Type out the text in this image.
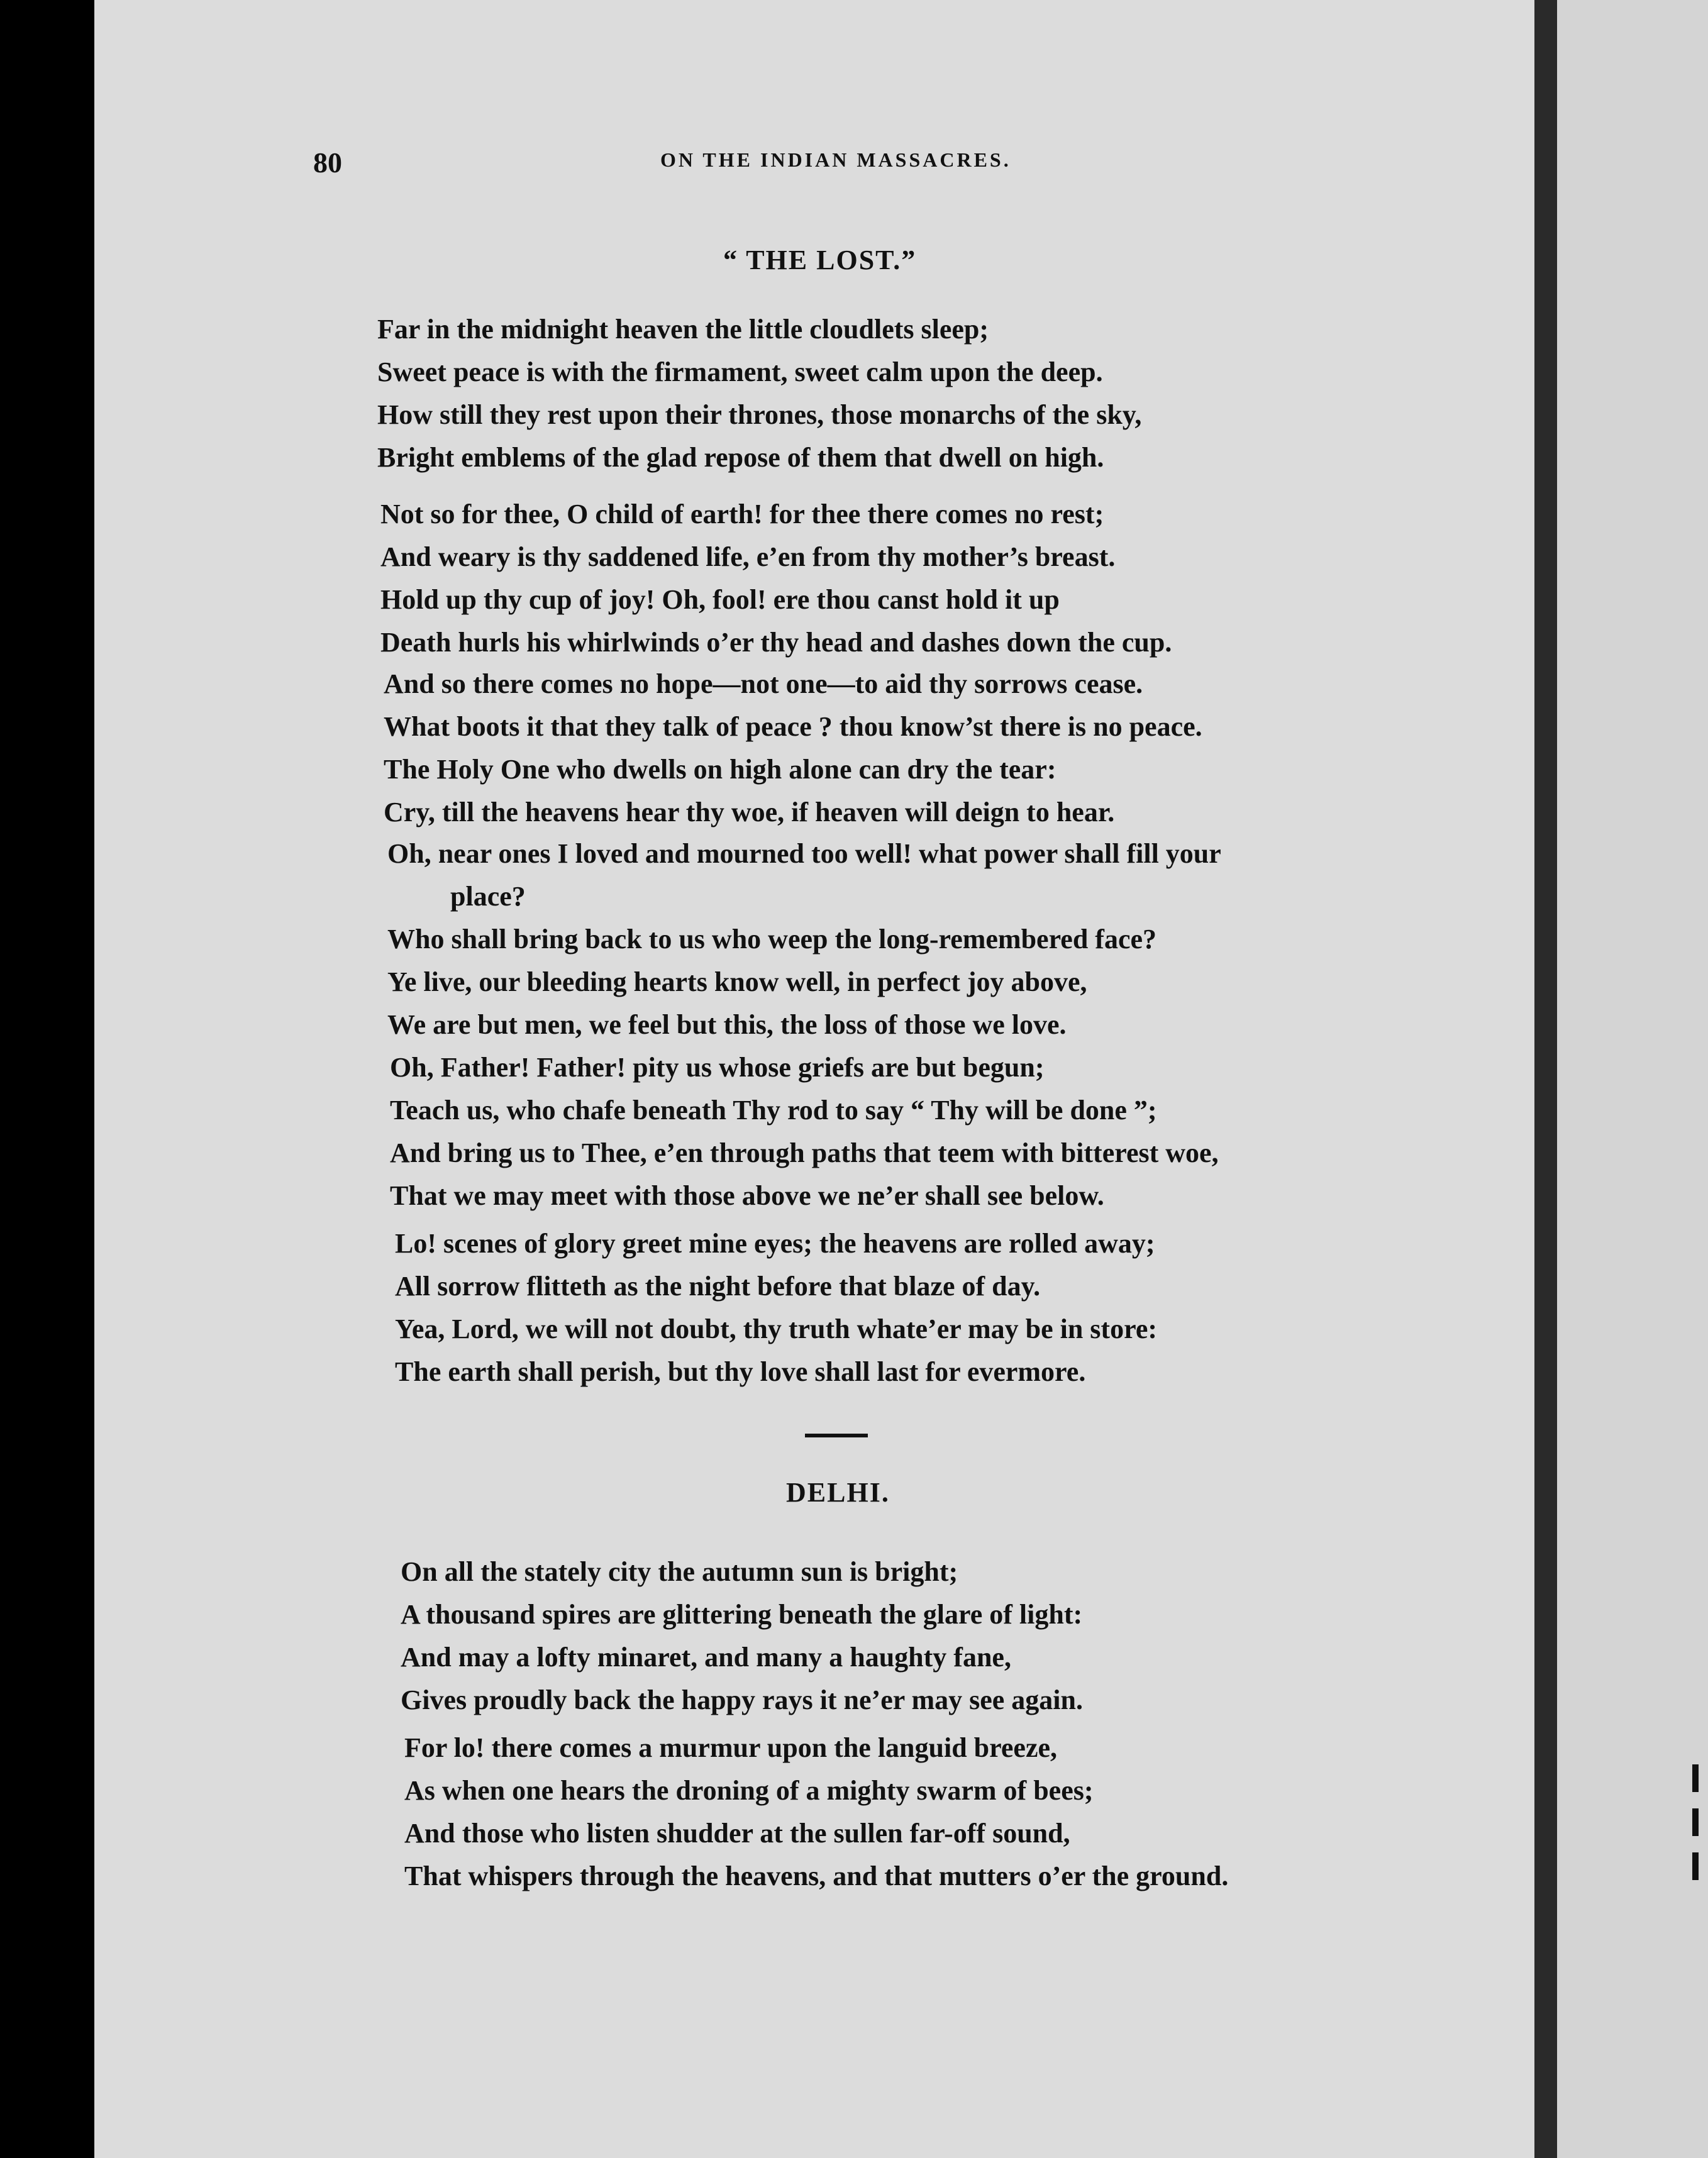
80	ON THE INDIAN MASSACRES.
“ THE LOST.”
Far in the midnight heaven the little cloudlets sleep;
Sweet peace is with the firmament, sweet calm upon the deep.
How still they rest upon their thrones, those monarchs of the sky,
Bright emblems of the glad repose of them that dwell on high.
Not so for thee, O child of earth! for thee there comes no rest;
And weary is thy saddened life, e’en from thy mother’s breast.
Hold up thy cup of joy! Oh, fool! ere thou canst hold it up
Death hurls his whirlwinds o’er thy head and dashes down the cup.
And so there comes no hope—not one—to aid thy sorrows cease.
What boots it that they talk of peace ? thou know’st there is no peace.
The Holy One who dwells on high alone can dry the tear:
Cry, till the heavens hear thy woe, if heaven will deign to hear.
Oh, near ones I loved and mourned too well! what power shall fill your
place?
Who shall bring back to us who weep the long-remembered face?
Ye live, our bleeding hearts know well, in perfect joy above,
We are but men, we feel but this, the loss of those we love.
Oh, Father! Father! pity us whose griefs are but begun;
Teach us, who chafe beneath Thy rod to say “ Thy will be done ”;
And bring us to Thee, e’en through paths that teem with bitterest woe,
That we may meet with those above we ne’er shall see below.
Lo! scenes of glory greet mine eyes; the heavens are rolled away;
All sorrow flitteth as the night before that blaze of day.
Yea, Lord, we will not doubt, thy truth whate’er may be in store:
The earth shall perish, but thy love shall last for evermore.
DELHI.
On all the stately city the autumn sun is bright;
A thousand spires are glittering beneath the glare of light:
And may a lofty minaret, and many a haughty fane,
Gives proudly back the happy rays it ne’er may see again.
For lo! there comes a murmur upon the languid breeze,
As when one hears the droning of a mighty swarm of bees;
And those who listen shudder at the sullen far-off sound,
That whispers through the heavens, and that mutters o’er the ground.
